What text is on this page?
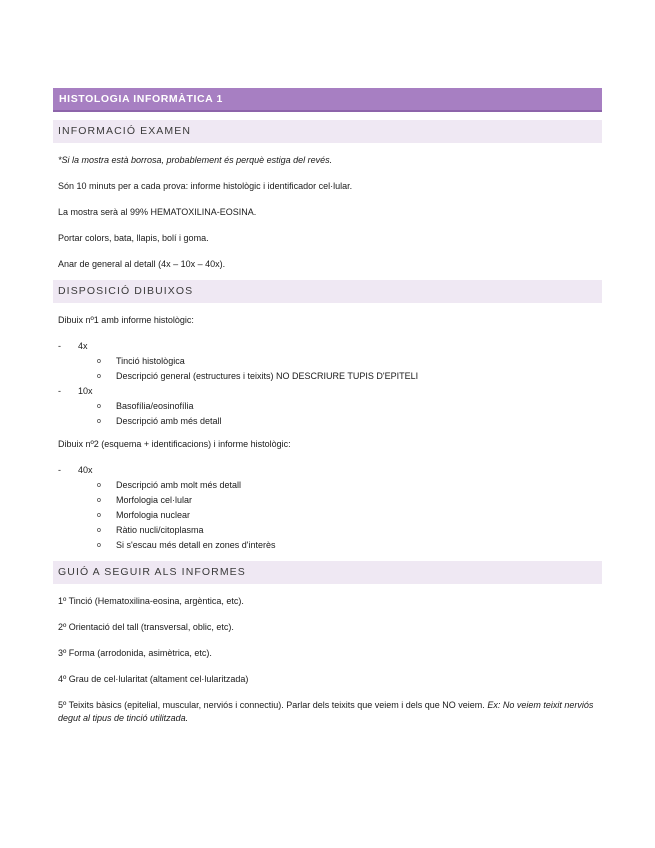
HISTOLOGIA INFORMÀTICA 1
INFORMACIÓ EXAMEN

*Si la mostra està borrosa, probablement és perquè estiga del revés.

Són 10 minuts per a cada prova: informe histològic i identificador cel·lular.

La mostra serà al 99% HEMATOXILINA-EOSINA.

Portar colors, bata, llapis, bolí i goma.

Anar de general al detall (4x – 10x – 40x).

DISPOSICIÓ DIBUIXOS

Dibuix nº1 amb informe histològic:

- 4x
o Tinció histològica
o Descripció general (estructures i teixits) NO DESCRIURE TUPIS D'EPITELI
- 10x
o Basofília/eosinofília
o Descripció amb més detall

Dibuix nº2 (esquema + identificacions) i informe histològic:

- 40x
o Descripció amb molt més detall
o Morfologia cel·lular
o Morfologia nuclear
o Ràtio nucli/citoplasma
o Si s'escau més detall en zones d'interès
GUIÓ A SEGUIR ALS INFORMES

1º Tinció (Hematoxilina-eosina, argèntica, etc).

2º Orientació del tall (transversal, oblic, etc).

3º Forma (arrodonida, asimètrica, etc).

4º Grau de cel·lularitat (altament cel·lularitzada)

5º Teixits bàsics (epitelial, muscular, nerviós i connectiu). Parlar dels teixits que veiem i dels que NO veiem. Ex: No veiem teixit nerviós degut al tipus de tinció utilitzada.
